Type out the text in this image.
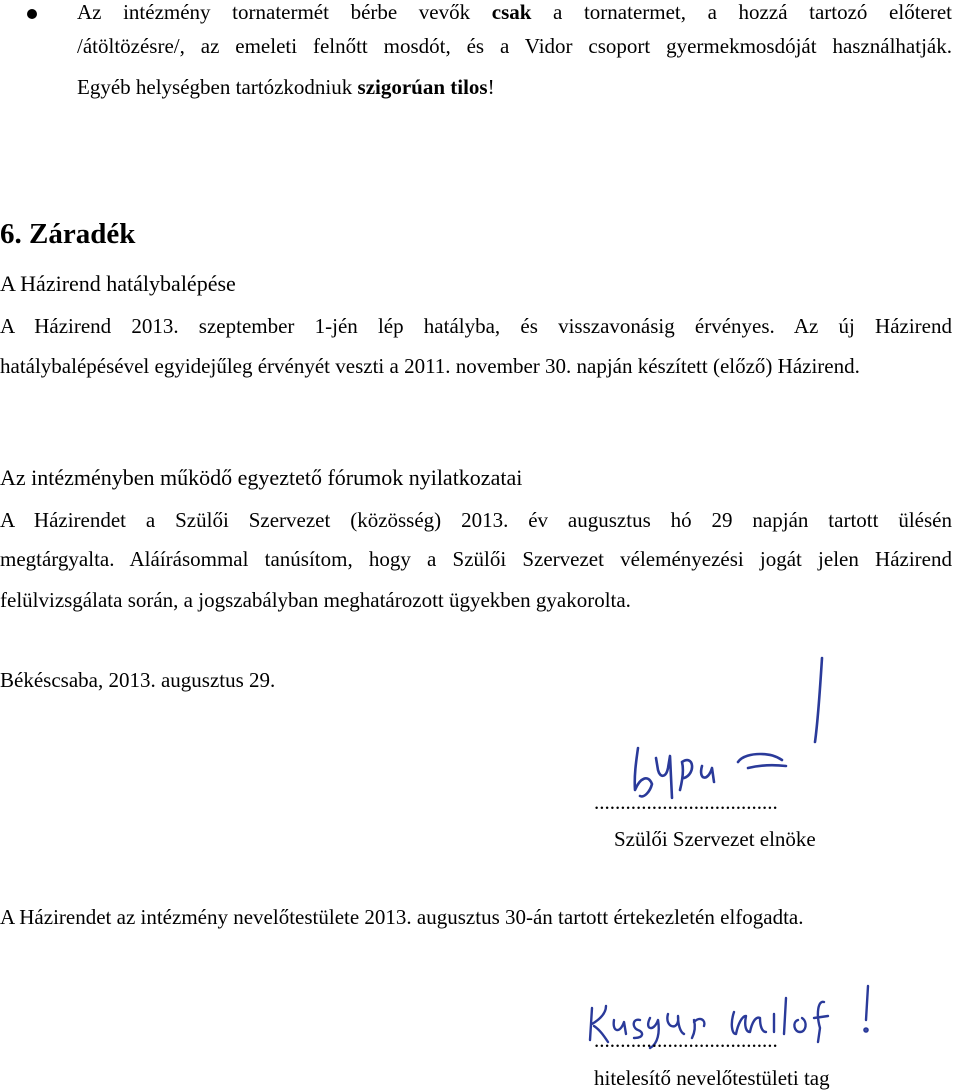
Az intézmény tornatermét bérbe vevők csak a tornatermet, a hozzá tartozó előteret
/átöltözésre/, az emeleti felnőtt mosdót, és a Vidor csoport gyermekmosdóját használhatják.
Egyéb helységben tartózkodniuk szigorúan tilos!
6. Záradék
A Házirend hatálybalépése
A Házirend 2013. szeptember 1-jén lép hatályba, és visszavonásig érvényes. Az új Házirend
hatálybalépésével egyidejűleg érvényét veszti a 2011. november 30. napján készített (előző) Házirend.
Az intézményben működő egyeztető fórumok nyilatkozatai
A Házirendet a Szülői Szervezet (közösség) 2013. év augusztus hó 29 napján tartott ülésén
megtárgyalta. Aláírásommal tanúsítom, hogy a Szülői Szervezet véleményezési jogát jelen Házirend
felülvizsgálata során, a jogszabályban meghatározott ügyekben gyakorolta.
Békéscsaba, 2013. augusztus 29.
...................................
Szülői Szervezet elnöke
A Házirendet az intézmény nevelőtestülete 2013. augusztus 30-án tartott értekezletén elfogadta.
...................................
hitelesítő nevelőtestületi tag
